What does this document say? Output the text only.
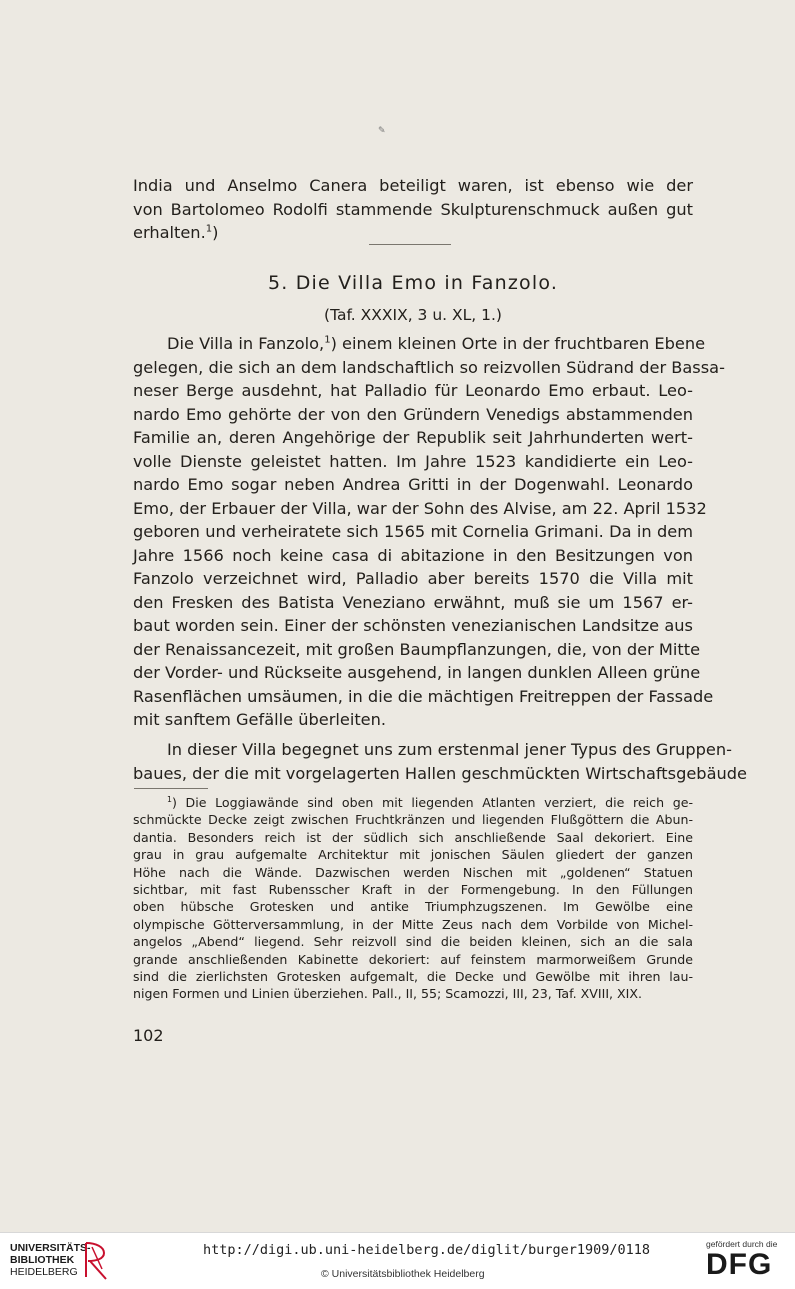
✎
India und Anselmo Canera beteiligt waren, ist ebenso wie der
von Bartolomeo Rodolfi stammende Skulpturenschmuck außen gut
erhalten.$^1$)

5. Die Villa Emo in Fanzolo.

(Taf. XXXIX, 3 u. XL, 1.)

Die Villa in Fanzolo,$^1$) einem kleinen Orte in der fruchtbaren Ebene
gelegen, die sich an dem landschaftlich so reizvollen Südrand der Bassa-
neser Berge ausdehnt, hat Palladio für Leonardo Emo erbaut. Leo-
nardo Emo gehörte der von den Gründern Venedigs abstammenden
Familie an, deren Angehörige der Republik seit Jahrhunderten wert-
volle Dienste geleistet hatten. Im Jahre 1523 kandidierte ein Leo-
nardo Emo sogar neben Andrea Gritti in der Dogenwahl. Leonardo
Emo, der Erbauer der Villa, war der Sohn des Alvise, am 22. April 1532
geboren und verheiratete sich 1565 mit Cornelia Grimani. Da in dem
Jahre 1566 noch keine casa di abitazione in den Besitzungen von
Fanzolo verzeichnet wird, Palladio aber bereits 1570 die Villa mit
den Fresken des Batista Veneziano erwähnt, muß sie um 1567 er-
baut worden sein. Einer der schönsten venezianischen Landsitze aus
der Renaissancezeit, mit großen Baumpflanzungen, die, von der Mitte
der Vorder- und Rückseite ausgehend, in langen dunklen Alleen grüne
Rasenflächen umsäumen, in die die mächtigen Freitreppen der Fassade
mit sanftem Gefälle überleiten.
In dieser Villa begegnet uns zum erstenmal jener Typus des Gruppen-
baues, der die mit vorgelagerten Hallen geschmückten Wirtschaftsgebäude
$^1$) Die Loggiawände sind oben mit liegenden Atlanten verziert, die reich ge-
schmückte Decke zeigt zwischen Fruchtkränzen und liegenden Flußgöttern die Abun-
dantia. Besonders reich ist der südlich sich anschließende Saal dekoriert. Eine
grau in grau aufgemalte Architektur mit jonischen Säulen gliedert der ganzen
Höhe nach die Wände. Dazwischen werden Nischen mit „goldenen“ Statuen
sichtbar, mit fast Rubensscher Kraft in der Formengebung. In den Füllungen
oben hübsche Grotesken und antike Triumphzugszenen. Im Gewölbe eine
olympische Götterversammlung, in der Mitte Zeus nach dem Vorbilde von Michel-
angelos „Abend“ liegend. Sehr reizvoll sind die beiden kleinen, sich an die sala
grande anschließenden Kabinette dekoriert: auf feinstem marmorweißem Grunde
sind die zierlichsten Grotesken aufgemalt, die Decke und Gewölbe mit ihren lau-
nigen Formen und Linien überziehen. Pall., II, 55; Scamozzi, III, 23, Taf. XVIII, XIX.

102

UNIVERSITÄTS-
BIBLIOTHEK
HEIDELBERG
http://digi.ub.uni-heidelberg.de/diglit/burger1909/0118
© Universitätsbibliothek Heidelberg
gefördert durch die
DFG
